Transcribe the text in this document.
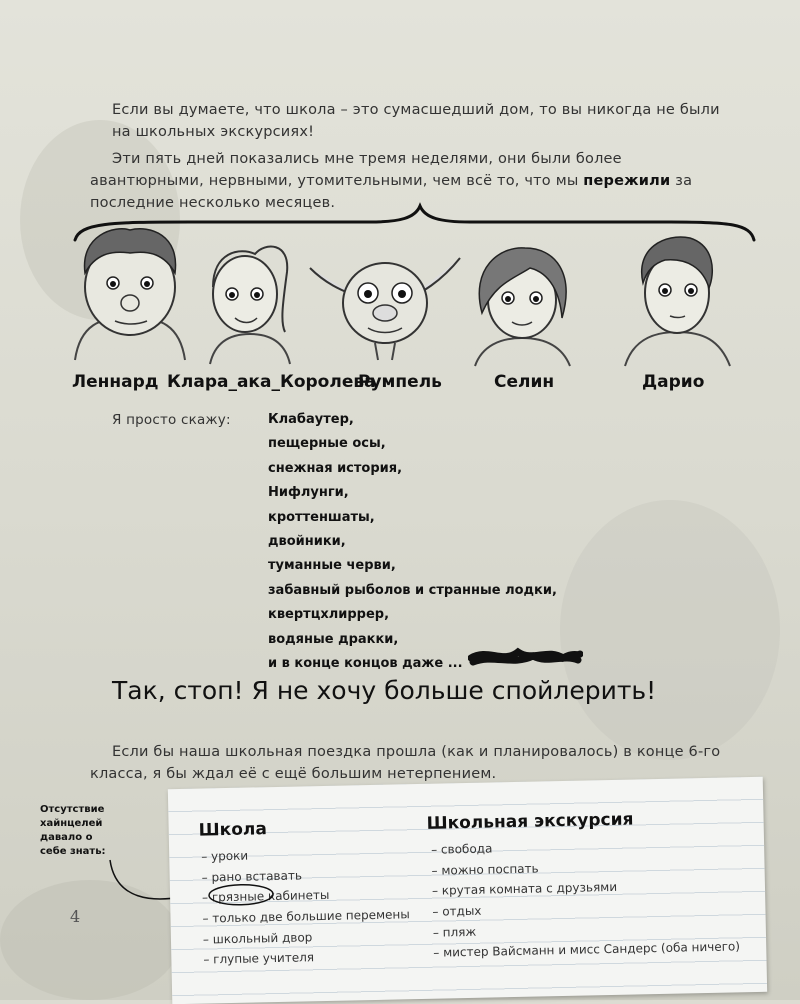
Если вы думаете, что школа – это сумасшедший дом, то вы никогда не были на школьных экскурсиях!
Эти пять дней показались мне тремя неделями, они были более авантюрными, нервными, утомительными, чем всё то, что мы пережили за последние несколько месяцев.
Леннард Клара_ака_Королева
Румпель	Селин	Дарио
Я просто скажу:	Клабаутер,
пещерные осы,
снежная история,
Нифлунги,
кроттеншаты,
двойники,
туманные черви,
забавный рыболов и странные лодки,
квертцхлиррер,
водяные дракки,
и в конце концов даже ...
Так, стоп! Я не хочу больше спойлерить!
Если бы наша школьная поездка прошла (как и планировалось) в конце 6-го класса, я бы ждал её с ещё большим нетерпением.
Отсутствие хайнцелей давало о себе знать:
Школа
– уроки
– рано вставать
– грязные кабинеты
– только две большие перемены
– школьный двор
– глупые учителя
Школьная экскурсия
– свобода
– можно поспать
– крутая комната с друзьями
– отдых
– пляж
– мистер Вайсманн и мисс Сандерс (оба ничего)
4
